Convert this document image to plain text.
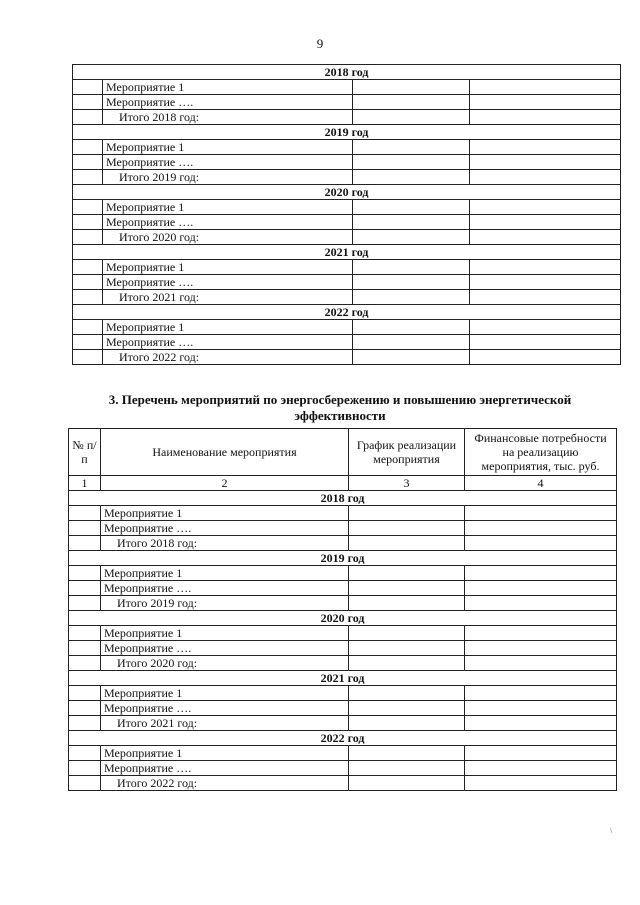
9
2018 год			
	Мероприятие 1		
	Мероприятие ….		
	Итого 2018 год:		
2019 год			
	Мероприятие 1		
	Мероприятие ….		
	Итого 2019 год:		
2020 год			
	Мероприятие 1		
	Мероприятие ….		
	Итого 2020 год:		
2021 год			
	Мероприятие 1		
	Мероприятие ….		
	Итого 2021 год:		
2022 год			
	Мероприятие 1		
	Мероприятие ….		
	Итого 2022 год:		
3. Перечень мероприятий по энергосбережению и повышению энергетической эффективности
№ п/п	Наименование мероприятия	График реализации мероприятия	Финансовые потребности на реализацию мероприятия, тыс. руб.
1	2	3	4
2018 год			
	Мероприятие 1		
	Мероприятие ….		
	Итого 2018 год:		
2019 год			
	Мероприятие 1		
	Мероприятие ….		
	Итого 2019 год:		
2020 год			
	Мероприятие 1		
	Мероприятие ….		
	Итого 2020 год:		
2021 год			
	Мероприятие 1		
	Мероприятие ….		
	Итого 2021 год:		
2022 год			
	Мероприятие 1		
	Мероприятие ….		
	Итого 2022 год:		
\
